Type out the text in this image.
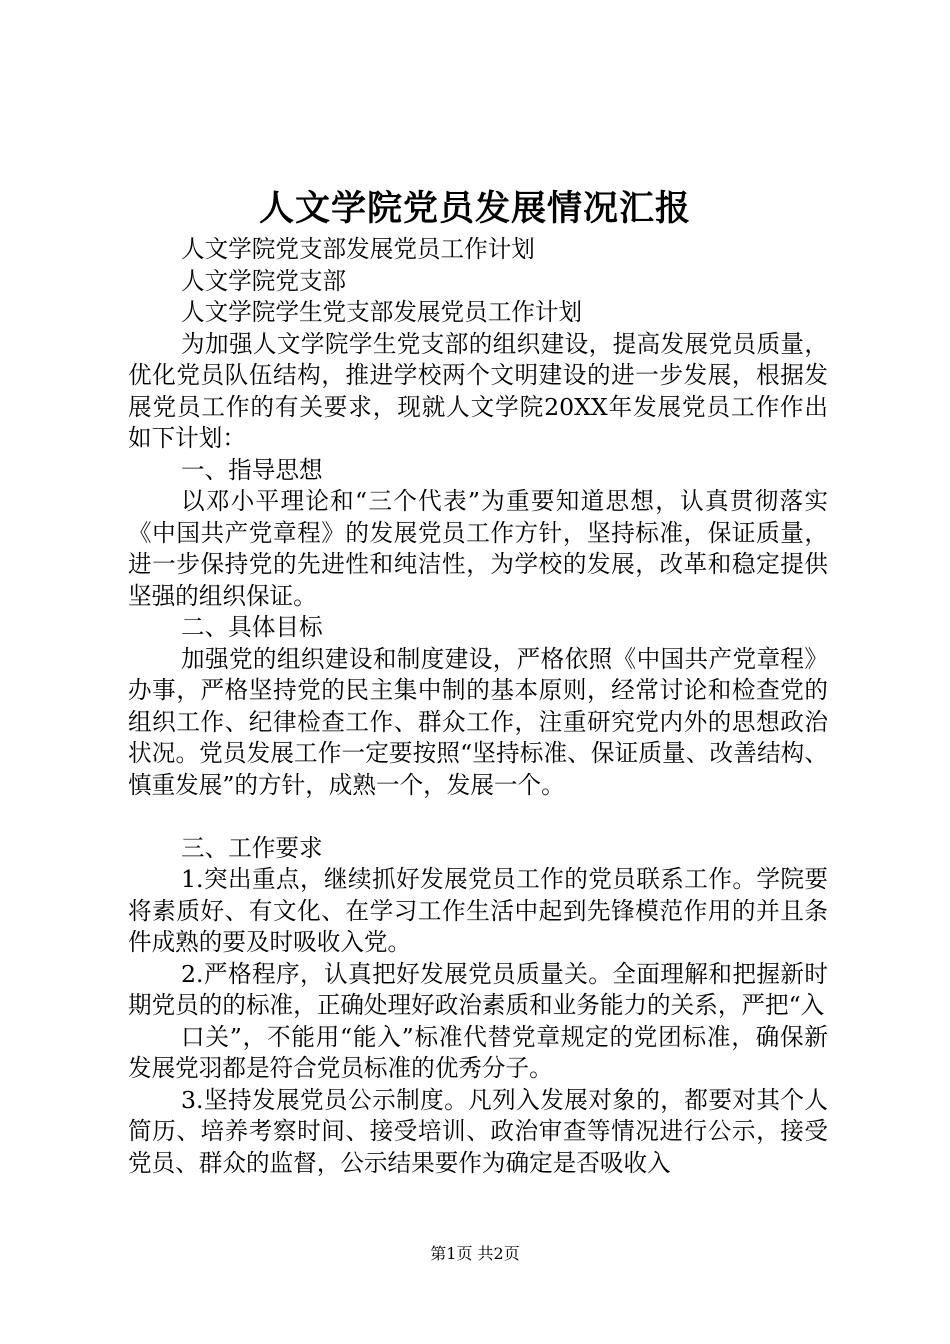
人文学院党员发展情况汇报

人文学院党支部发展党员工作计划

人文学院党支部

人文学院学生党支部发展党员工作计划

为加强人文学院学生党支部的组织建设，提高发展党员质量，优化党员队伍结构，推进学校两个文明建设的进一步发展，根据发展党员工作的有关要求，现就人文学院20XX年发展党员工作作出如下计划：

一、指导思想

以邓小平理论和“三个代表”为重要知道思想，认真贯彻落实《中国共产党章程》的发展党员工作方针，坚持标准，保证质量，进一步保持党的先进性和纯洁性，为学校的发展，改革和稳定提供坚强的组织保证。

二、具体目标

加强党的组织建设和制度建设，严格依照《中国共产党章程》办事，严格坚持党的民主集中制的基本原则，经常讨论和检查党的组织工作、纪律检查工作、群众工作，注重研究党内外的思想政治状况。党员发展工作一定要按照“坚持标准、保证质量、改善结构、慎重发展”的方针，成熟一个，发展一个。

三、工作要求

1.突出重点，继续抓好发展党员工作的党员联系工作。学院要将素质好、有文化、在学习工作生活中起到先锋模范作用的并且条件成熟的要及时吸收入党。

2.严格程序，认真把好发展党员质量关。全面理解和把握新时期党员的的标准，正确处理好政治素质和业务能力的关系，严把“入

口关”，不能用“能入”标准代替党章规定的党团标准，确保新发展党羽都是符合党员标准的优秀分子。

3.坚持发展党员公示制度。凡列入发展对象的，都要对其个人简历、培养考察时间、接受培训、政治审查等情况进行公示，接受党员、群众的监督，公示结果要作为确定是否吸收入

第1页 共2页
